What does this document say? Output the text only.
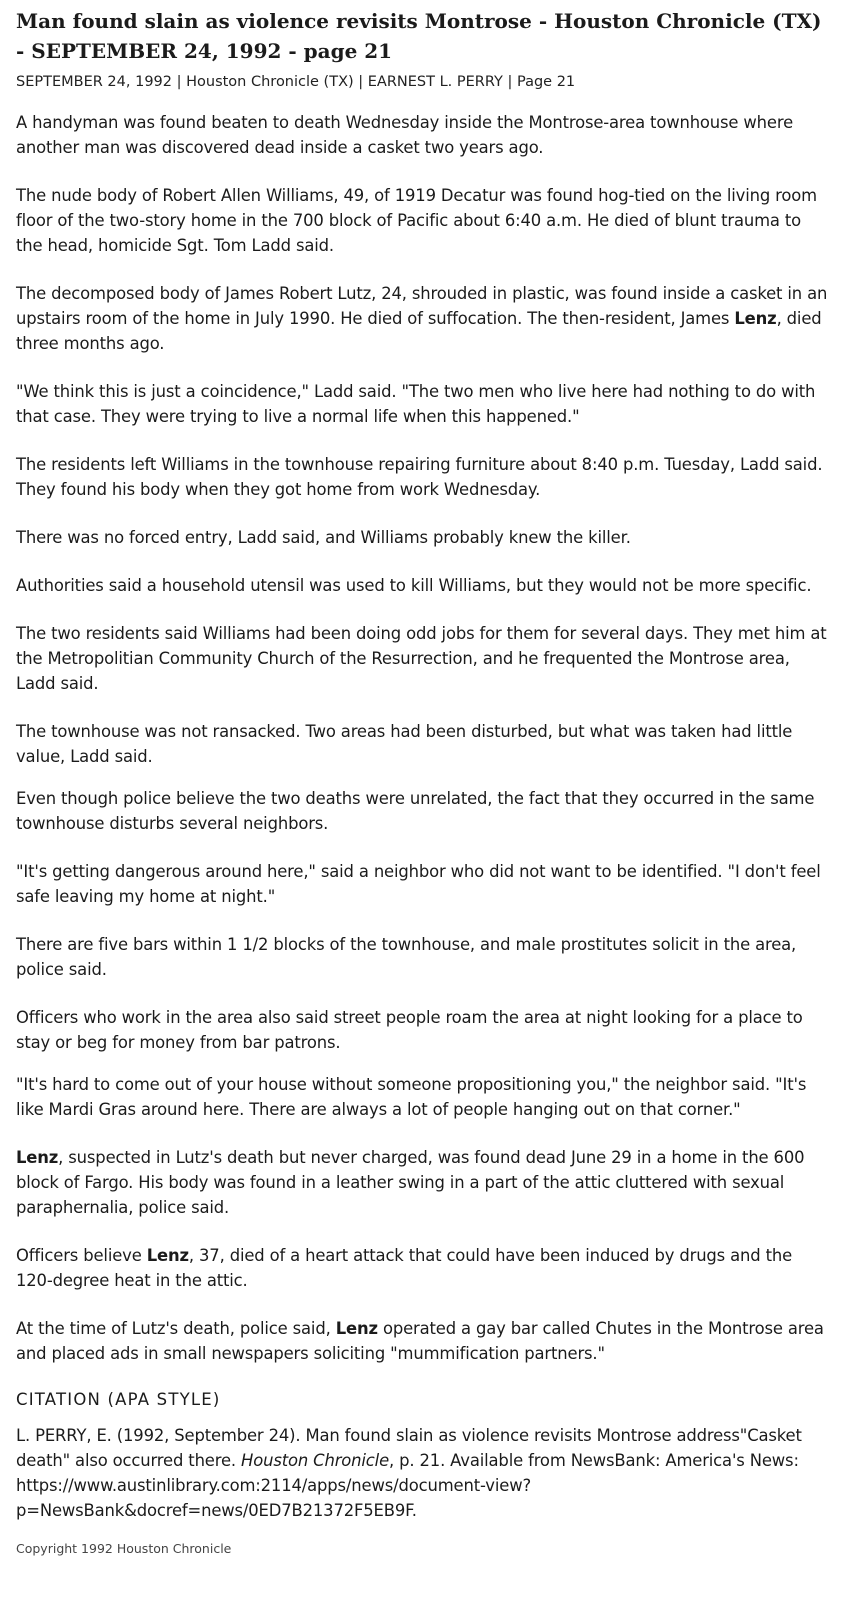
Man found slain as violence revisits Montrose - Houston Chronicle (TX) - SEPTEMBER 24, 1992 - page 21
SEPTEMBER 24, 1992 | Houston Chronicle (TX) | EARNEST L. PERRY | Page 21

A handyman was found beaten to death Wednesday inside the Montrose-area townhouse where another man was discovered dead inside a casket two years ago.

The nude body of Robert Allen Williams, 49, of 1919 Decatur was found hog-tied on the living room floor of the two-story home in the 700 block of Pacific about 6:40 a.m. He died of blunt trauma to the head, homicide Sgt. Tom Ladd said.

The decomposed body of James Robert Lutz, 24, shrouded in plastic, was found inside a casket in an upstairs room of the home in July 1990. He died of suffocation. The then-resident, James Lenz, died three months ago.

"We think this is just a coincidence," Ladd said. "The two men who live here had nothing to do with that case. They were trying to live a normal life when this happened."

The residents left Williams in the townhouse repairing furniture about 8:40 p.m. Tuesday, Ladd said. They found his body when they got home from work Wednesday.

There was no forced entry, Ladd said, and Williams probably knew the killer.

Authorities said a household utensil was used to kill Williams, but they would not be more specific.

The two residents said Williams had been doing odd jobs for them for several days. They met him at the Metropolitian Community Church of the Resurrection, and he frequented the Montrose area, Ladd said.

The townhouse was not ransacked. Two areas had been disturbed, but what was taken had little value, Ladd said.

Even though police believe the two deaths were unrelated, the fact that they occurred in the same townhouse disturbs several neighbors.

"It's getting dangerous around here," said a neighbor who did not want to be identified. "I don't feel safe leaving my home at night."

There are five bars within 1 1/2 blocks of the townhouse, and male prostitutes solicit in the area, police said.

Officers who work in the area also said street people roam the area at night looking for a place to stay or beg for money from bar patrons.

"It's hard to come out of your house without someone propositioning you," the neighbor said. "It's like Mardi Gras around here. There are always a lot of people hanging out on that corner."

Lenz, suspected in Lutz's death but never charged, was found dead June 29 in a home in the 600 block of Fargo. His body was found in a leather swing in a part of the attic cluttered with sexual paraphernalia, police said.

Officers believe Lenz, 37, died of a heart attack that could have been induced by drugs and the 120-degree heat in the attic.

At the time of Lutz's death, police said, Lenz operated a gay bar called Chutes in the Montrose area and placed ads in small newspapers soliciting "mummification partners."

CITATION (APA STYLE)

L. PERRY, E. (1992, September 24). Man found slain as violence revisits Montrose address"Casket death" also occurred there. Houston Chronicle, p. 21. Available from NewsBank: America's News: https://www.austinlibrary.com:2114/apps/news/document-view?p=NewsBank&docref=news/0ED7B21372F5EB9F.

Copyright 1992 Houston Chronicle
